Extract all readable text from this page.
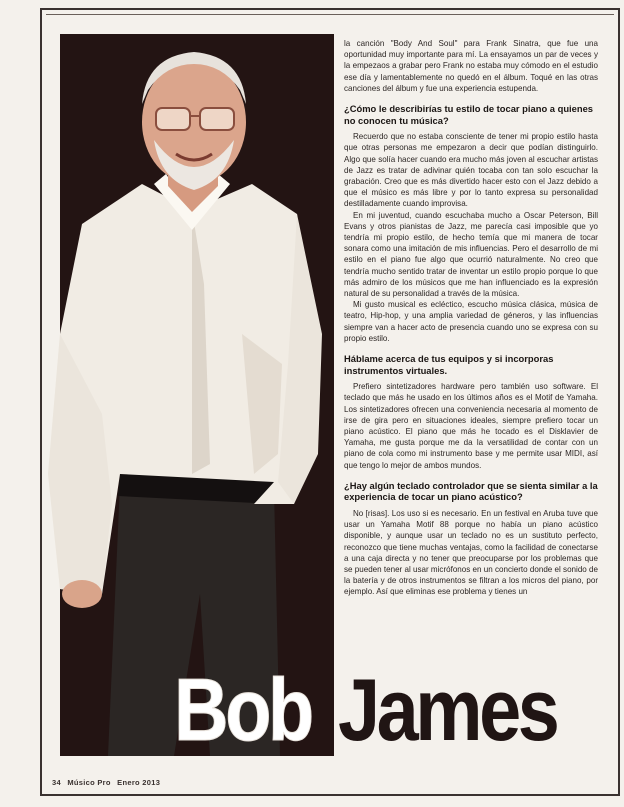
la canción "Body And Soul" para Frank Sinatra, que fue una oportunidad muy importante para mí. La ensayamos un par de veces y la empezaos a grabar pero Frank no estaba muy cómodo en el estudio ese día y lamentablemente no quedó en el álbum. Toqué en las otras canciones del álbum y fue una experiencia estupenda.

¿Cómo le describirías tu estilo de tocar piano a quienes no conocen tu música?

Recuerdo que no estaba consciente de tener mi propio estilo hasta que otras personas me empezaron a decir que podían distinguirlo. Algo que solía hacer cuando era mucho más joven al escuchar artistas de Jazz es tratar de adivinar quién tocaba con tan solo escuchar la grabación. Creo que es más divertido hacer esto con el Jazz debido a que el músico es más libre y por lo tanto expresa su personalidad destilladamente cuando improvisa.

En mi juventud, cuando escuchaba mucho a Oscar Peterson, Bill Evans y otros pianistas de Jazz, me parecía casi imposible que yo tendría mi propio estilo, de hecho temía que mi manera de tocar sonara como una imitación de mis influencias. Pero el desarrollo de mi estilo en el piano fue algo que ocurrió naturalmente. No creo que tendría mucho sentido tratar de inventar un estilo propio porque lo que más admiro de los músicos que me han influenciado es la expresión natural de su personalidad a través de la música.

Mi gusto musical es ecléctico, escucho música clásica, música de teatro, Hip-hop, y una amplia variedad de géneros, y las influencias siempre van a hacer acto de presencia cuando uno se expresa con su propio estilo.

Háblame acerca de tus equipos y si incorporas instrumentos virtuales.

Prefiero sintetizadores hardware pero también uso software. El teclado que más he usado en los últimos años es el Motif de Yamaha. Los sintetizadores ofrecen una conveniencia necesaria al momento de irse de gira pero en situaciones ideales, siempre prefiero tocar un piano acústico. El piano que más he tocado es el Disklavier de Yamaha, me gusta porque me da la versatilidad de contar con un piano de cola como mi instrumento base y me permite usar MIDI, así que tengo lo mejor de ambos mundos.

¿Hay algún teclado controlador que se sienta similar a la experiencia de tocar un piano acústico?

No [risas]. Los uso si es necesario. En un festival en Aruba tuve que usar un Yamaha Motif 88 porque no había un piano acústico disponible, y aunque usar un teclado no es un sustituto perfecto, reconozco que tiene muchas ventajas, como la facilidad de conectarse a una caja directa y no tener que preocuparse por los problemas que se pueden tener al usar micrófonos en un concierto donde el sonido de la batería y de otros instrumentos se filtran a los micros del piano, por ejemplo. Así que eliminas ese problema y tienes un

Bob James
34 Músico Pro Enero 2013
